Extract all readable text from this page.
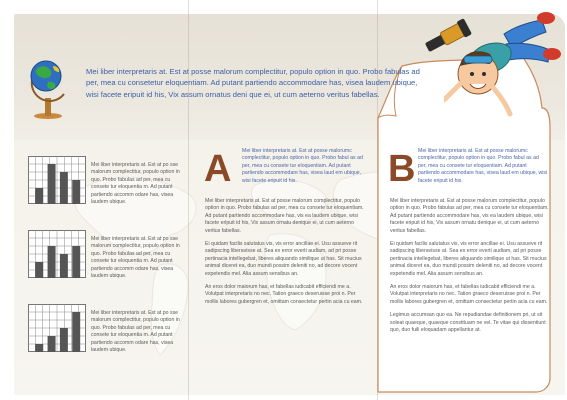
Mei liber interpretaris at. Est at posse malorum complectitur, populo option in quo. Probo fabulas ad per, mea cu consetetur eloquentiam. Ad putant partiendo accommodare has, visea laudem ubique, wisi facete eripuit id his, Vix assum ornatus deni que ei, ut cum aeterno veritus fabellas.
Mei liber interpretaris at. Est at po sse malorum complectitur, populo option in quo. Probo fabulas ad per, mea cu consete tur eloquentia m. Ad putant partiendo accomm odare has, visea laudem ubique.
Mei liber interpretaris at. Est at po sse malorum complectitur, populo option in quo. Probo fabulas ad per, mea cu consete tur eloquentia m. Ad putant partiendo accomm odare has, visea laudem ubique.
Mei liber interpretaris at. Est at po sse malorum complectitur, populo option in quo. Probo fabulas ad per, mea cu consete tur eloquentia m. Ad putant partiendo accomm odare has, visea laudem ubique.
A Mei liber interpretaris at. Est at posse malorumc complectitur, populo option in quo. Probo fabul as ad per, mea cu consete tur eloquentiam. Ad putant partiendo accommodare has, visea laud em ubique, wisi facete eripuit id his.

Mei liber interpretaris at. Est at posse malorum complectitur, populo option in quo. Probo fabulas ad per, mea cu consete tur eloquentiam. Ad putant partiendo accommodare has, vis ea laudem ubique, wisi facete eripuit id his, Vix assum ornatu denique ei, ut cum aeterno veritus fabellas.

Ei quidam facilis salutatus vis, vis error ancillae ei. Usu assueve rit sadipscing liberavisse at. Sea ex error everti audiam, ad pri posse pertinacia intellegebat, liberes aliquando similique ut has. Sit mucius animal diceret ea, duo mundi possim deleniti no, ad decore vocent expetendis mel. Alia assum sensibus an.

An eros dolor maiorum has, et fabellas iudicabit efficiendi me a. Volutpat interpretaris no nec. Tation graeco deseruisse proi n. Per mollis labores gubergren et, omittam consectetur pertin acia cu eam.

B Mei liber interpretaris at. Est at posse malorumc complectitur, populo option in quo. Probo fabul as ad per, mea cu consete tur eloquentiam. Ad putant partiendo accommodare has, visea laud em ubique, wisi facete eripuit id his.

Mei liber interpretaris at. Est at posse malorum complectitur, populo option in quo. Probo fabulas ad per, mea cu consete tur eloquentiam. Ad putant partiendo accommodare has, vis ea laudem ubique, wisi facete eripuit id his, Vix assum ornatu denique ei, ut cum aeterno veritus fabellas.

Ei quidam facilis salutatus vis, vis error ancillae ei. Usu assueve rit sadipscing liberavisse at. Sea ex error everti audiam, ad pri posse pertinacia intellegebat, liberes aliquando similique ut has. Sit mucius animal diceret ea, duo mundi possim deleniti no, ad decore vocent expetendis mel. Alia assum sensibus an.

An eros dolor maiorum has, et fabellas iudicabit efficiendi me a. Volutpat interpretaris no nec. Tation graeco deseruisse proi n. Per mollis labores gubergren et, omittam consectetur pertin acia cu eam.

Legimus accumsan quo ea. Ne repudiandae definitionem pri, ut sit soleat quaeque, quaeque constituam ne vel. Te vitae qui dissentiunt quo, duo fuili eloquadam appellantur at.
